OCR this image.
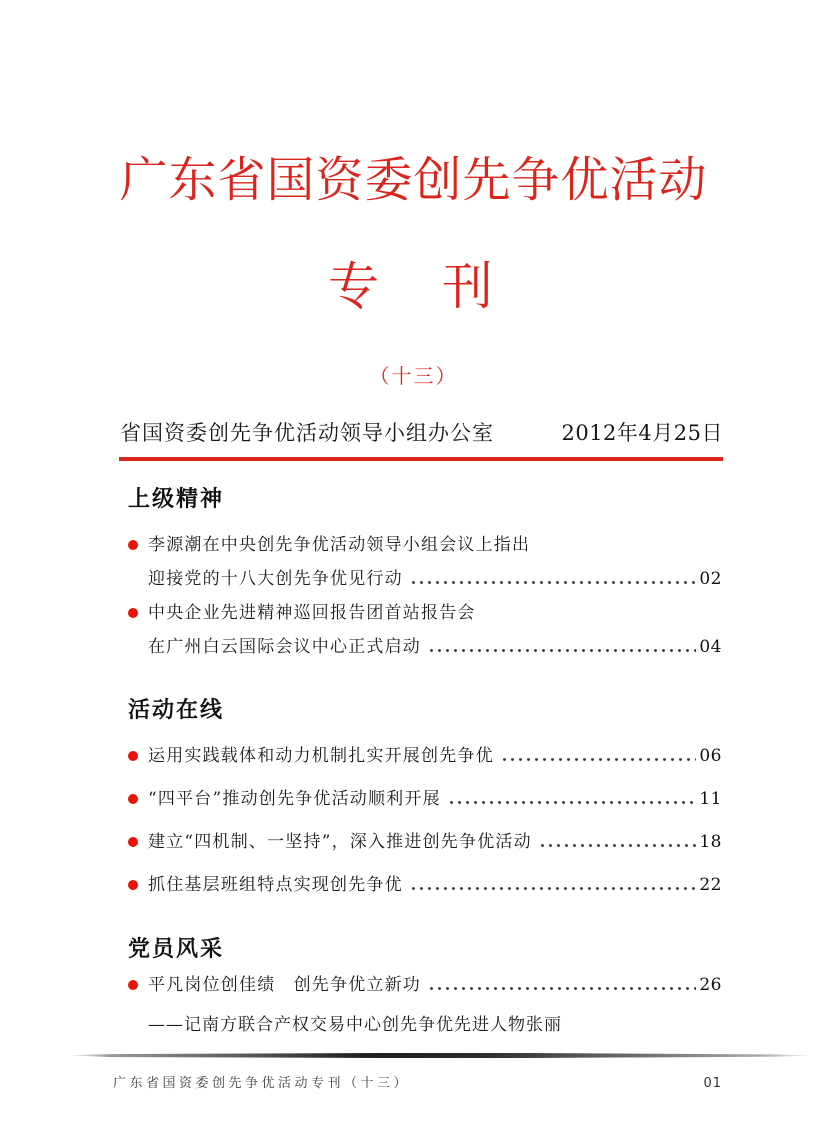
广东省国资委创先争优活动
专　刊
（十三）
省国资委创先争优活动领导小组办公室	2012年4月25日
上级精神
李源潮在中央创先争优活动领导小组会议上指出
迎接党的十八大创先争优见行动	02
中央企业先进精神巡回报告团首站报告会
在广州白云国际会议中心正式启动	04
活动在线
运用实践载体和动力机制扎实开展创先争优	06
“四平台”推动创先争优活动顺利开展	11
建立“四机制、一坚持”，深入推进创先争优活动	18
抓住基层班组特点实现创先争优	22
党员风采
平凡岗位创佳绩　创先争优立新功	26
——记南方联合产权交易中心创先争优先进人物张丽
广东省国资委创先争优活动专刊（十三）	01
